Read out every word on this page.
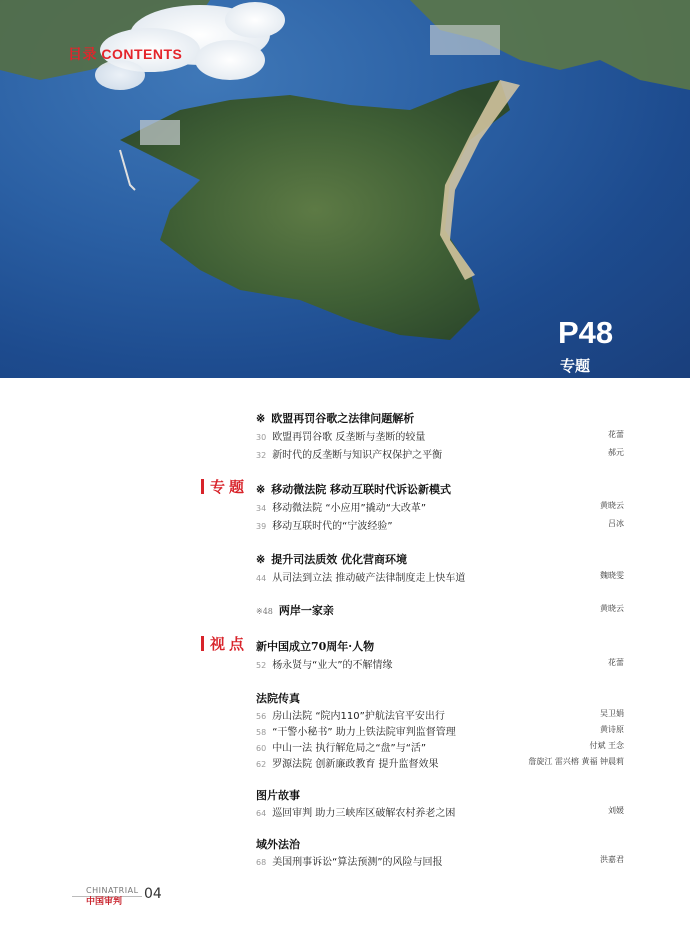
目录 CONTENTS
P48
专题
专题
视点
※ 欧盟再罚谷歌之法律问题解析
30 欧盟再罚谷歌 反垄断与垄断的较量	花蕾
32 新时代的反垄断与知识产权保护之平衡	郝元
※ 移动微法院 移动互联时代诉讼新模式
34 移动微法院 “小应用”撬动“大改革”	黄晓云
39 移动互联时代的“宁波经验”	吕冰
※ 提升司法质效 优化营商环境
44 从司法到立法 推动破产法律制度走上快车道	魏晓雯
※48 两岸一家亲	黄晓云
新中国成立70周年·人物
52 杨永贤与“业大”的不解情缘	花蕾
法院传真
56 房山法院 “院内110”护航法官平安出行	吴卫娟
58 “干警小秘书” 助力上铁法院审判监督管理	黄诗原
60 中山一法 执行解危局之“盘”与“活”	付斌 王念
62 罗源法院 创新廉政教育 提升监督效果	詹旋江 雷兴榕 黄福 钟晨莉
图片故事
64 巡回审判 助力三峡库区破解农村养老之困	刘媛
域外法治
68 美国刑事诉讼“算法预测”的风险与回报	洪嘉君
CHINATRIAL
中国审判 04
